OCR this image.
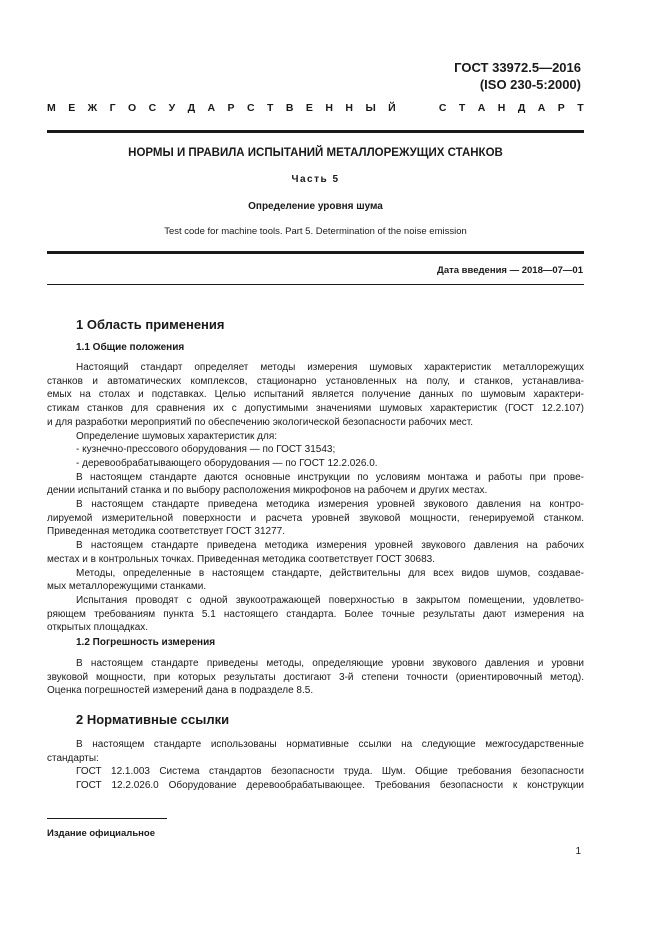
ГОСТ 33972.5—2016
(ISO 230-5:2000)
М Е Ж Г О С У Д А Р С Т В Е Н Н Ы Й

	С Т А Н Д А Р Т
НОРМЫ И ПРАВИЛА ИСПЫТАНИЙ МЕТАЛЛОРЕЖУЩИХ СТАНКОВ
Часть 5
Определение уровня шума
Test code for machine tools. Part 5. Determination of the noise emission
Дата введения — 2018—07—01
1 Область применения
1.1 Общие положения
Настоящий стандарт определяет методы измерения шумовых характеристик металлорежущих
станков и автоматических комплексов, стационарно установленных на полу, и станков, устанавлива-
емых на столах и подставках. Целью испытаний является получение данных по шумовым характери-
стикам станков для сравнения их с допустимыми значениями шумовых характеристик (ГОСТ 12.2.107)
и для разработки мероприятий по обеспечению экологической безопасности рабочих мест.
Определение шумовых характеристик для:
- кузнечно-прессового оборудования — по ГОСТ 31543;
- деревообрабатывающего оборудования — по ГОСТ 12.2.026.0.
В настоящем стандарте даются основные инструкции по условиям монтажа и работы при прове-
дении испытаний станка и по выбору расположения микрофонов на рабочем и других местах.
В настоящем стандарте приведена методика измерения уровней звукового давления на контро-
лируемой измерительной поверхности и расчета уровней звуковой мощности, генерируемой станком.
Приведенная методика соответствует ГОСТ 31277.
В настоящем стандарте приведена методика измерения уровней звукового давления на рабочих
местах и в контрольных точках. Приведенная методика соответствует ГОСТ 30683.
Методы, определенные в настоящем стандарте, действительны для всех видов шумов, создавае-
мых металлорежущими станками.
Испытания проводят с одной звукоотражающей поверхностью в закрытом помещении, удовлетво-
ряющем требованиям пункта 5.1 настоящего стандарта. Более точные результаты дают измерения на
открытых площадках.
1.2 Погрешность измерения
В настоящем стандарте приведены методы, определяющие уровни звукового давления и уровни
звуковой мощности, при которых результаты достигают 3-й степени точности (ориентировочный метод).
Оценка погрешностей измерений дана в подразделе 8.5.
2 Нормативные ссылки
В настоящем стандарте использованы нормативные ссылки на следующие межгосударственные
стандарты:
ГОСТ 12.1.003 Система стандартов безопасности труда. Шум. Общие требования безопасности
ГОСТ 12.2.026.0 Оборудование деревообрабатывающее. Требования безопасности к конструкции
Издание официальное
1
